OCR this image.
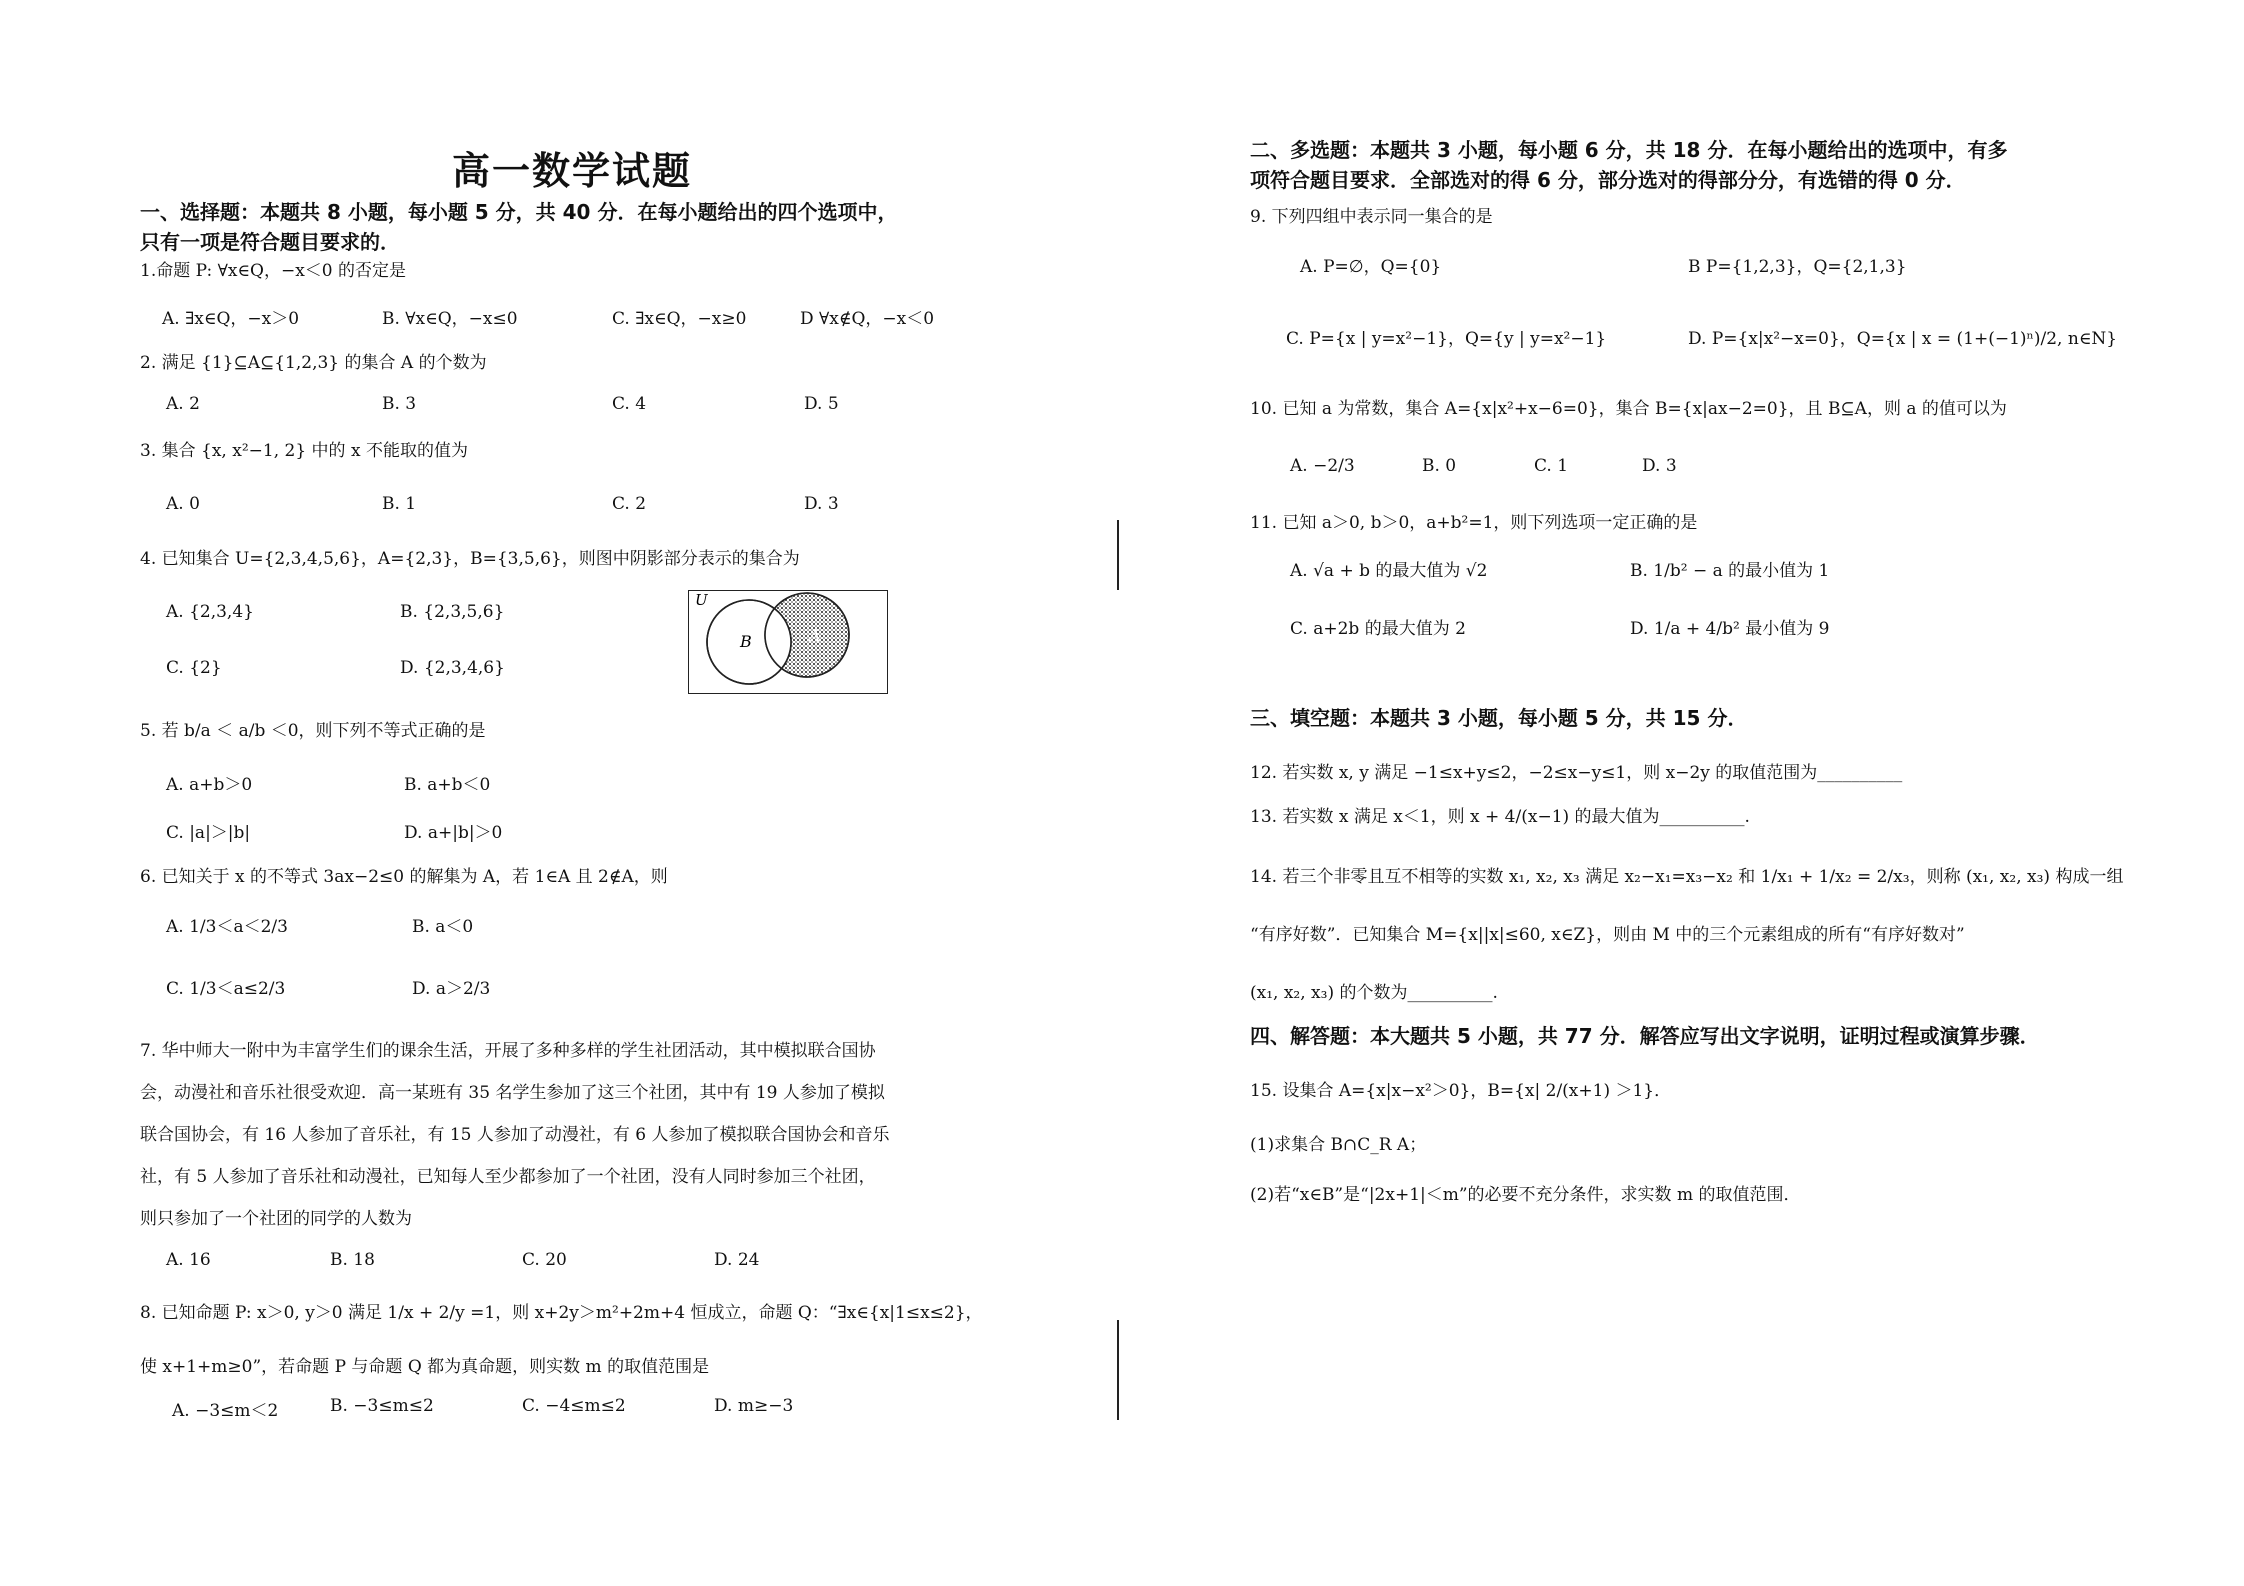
高一数学试题
一、选择题：本题共 8 小题，每小题 5 分，共 40 分．在每小题给出的四个选项中，
只有一项是符合题目要求的．
1.命题 P: ∀x∈Q，−x＜0 的否定是
A. ∃x∈Q，−x＞0	B. ∀x∈Q，−x≤0	C. ∃x∈Q，−x≥0	D ∀x∉Q，−x＜0
2. 满足 {1}⊆A⊆{1,2,3} 的集合 A 的个数为
A. 2	B. 3	C. 4	D. 5
3. 集合 {x, x²−1, 2} 中的 x 不能取的值为
A. 0	B. 1	C. 2	D. 3
4. 已知集合 U={2,3,4,5,6}，A={2,3}，B={3,5,6}，则图中阴影部分表示的集合为
A. {2,3,4}	B. {2,3,5,6}
C. {2}	D. {2,3,4,6}
U
B	A
5. 若 b/a ＜ a/b ＜0，则下列不等式正确的是
A. a+b＞0	B. a+b＜0
C. |a|＞|b|	D. a+|b|＞0
6. 已知关于 x 的不等式 3ax−2≤0 的解集为 A，若 1∈A 且 2∉A，则
A. 1/3＜a＜2/3	B. a＜0
C. 1/3＜a≤2/3	D. a＞2/3
7. 华中师大一附中为丰富学生们的课余生活，开展了多种多样的学生社团活动，其中模拟联合国协
会，动漫社和音乐社很受欢迎．高一某班有 35 名学生参加了这三个社团，其中有 19 人参加了模拟
联合国协会，有 16 人参加了音乐社，有 15 人参加了动漫社，有 6 人参加了模拟联合国协会和音乐
社，有 5 人参加了音乐社和动漫社，已知每人至少都参加了一个社团，没有人同时参加三个社团，
则只参加了一个社团的同学的人数为
A. 16	B. 18	C. 20	D. 24
8. 已知命题 P: x＞0, y＞0 满足 1/x + 2/y =1，则 x+2y＞m²+2m+4 恒成立，命题 Q：“∃x∈{x|1≤x≤2}，
使 x+1+m≥0”，若命题 P 与命题 Q 都为真命题，则实数 m 的取值范围是
A. −3≤m＜2	B. −3≤m≤2	C. −4≤m≤2	D. m≥−3
二、多选题：本题共 3 小题，每小题 6 分，共 18 分．在每小题给出的选项中，有多
项符合题目要求．全部选对的得 6 分，部分选对的得部分分，有选错的得 0 分．
9. 下列四组中表示同一集合的是
A. P=∅，Q={0}	B P={1,2,3}，Q={2,1,3}
C. P={x | y=x²−1}，Q={y | y=x²−1}	D. P={x|x²−x=0}，Q={x | x = (1+(−1)ⁿ)/2, n∈N}
10. 已知 a 为常数，集合 A={x|x²+x−6=0}，集合 B={x|ax−2=0}，且 B⊆A，则 a 的值可以为
A. −2/3	B. 0	C. 1	D. 3
11. 已知 a＞0, b＞0，a+b²=1，则下列选项一定正确的是
A. √a + b 的最大值为 √2	B. 1/b² − a 的最小值为 1
C. a+2b 的最大值为 2	D. 1/a + 4/b² 最小值为 9
三、填空题：本题共 3 小题，每小题 5 分，共 15 分．
12. 若实数 x, y 满足 −1≤x+y≤2，−2≤x−y≤1，则 x−2y 的取值范围为__________
13. 若实数 x 满足 x＜1，则 x + 4/(x−1) 的最大值为__________.
14. 若三个非零且互不相等的实数 x₁, x₂, x₃ 满足 x₂−x₁=x₃−x₂ 和 1/x₁ + 1/x₂ = 2/x₃，则称 (x₁, x₂, x₃) 构成一组
“有序好数”．已知集合 M={x||x|≤60, x∈Z}，则由 M 中的三个元素组成的所有“有序好数对”
(x₁, x₂, x₃) 的个数为__________.
四、解答题：本大题共 5 小题，共 77 分．解答应写出文字说明，证明过程或演算步骤．
15. 设集合 A={x|x−x²＞0}，B={x| 2/(x+1) ＞1}．
(1)求集合 B∩C_R A；
(2)若“x∈B”是“|2x+1|＜m”的必要不充分条件，求实数 m 的取值范围．
